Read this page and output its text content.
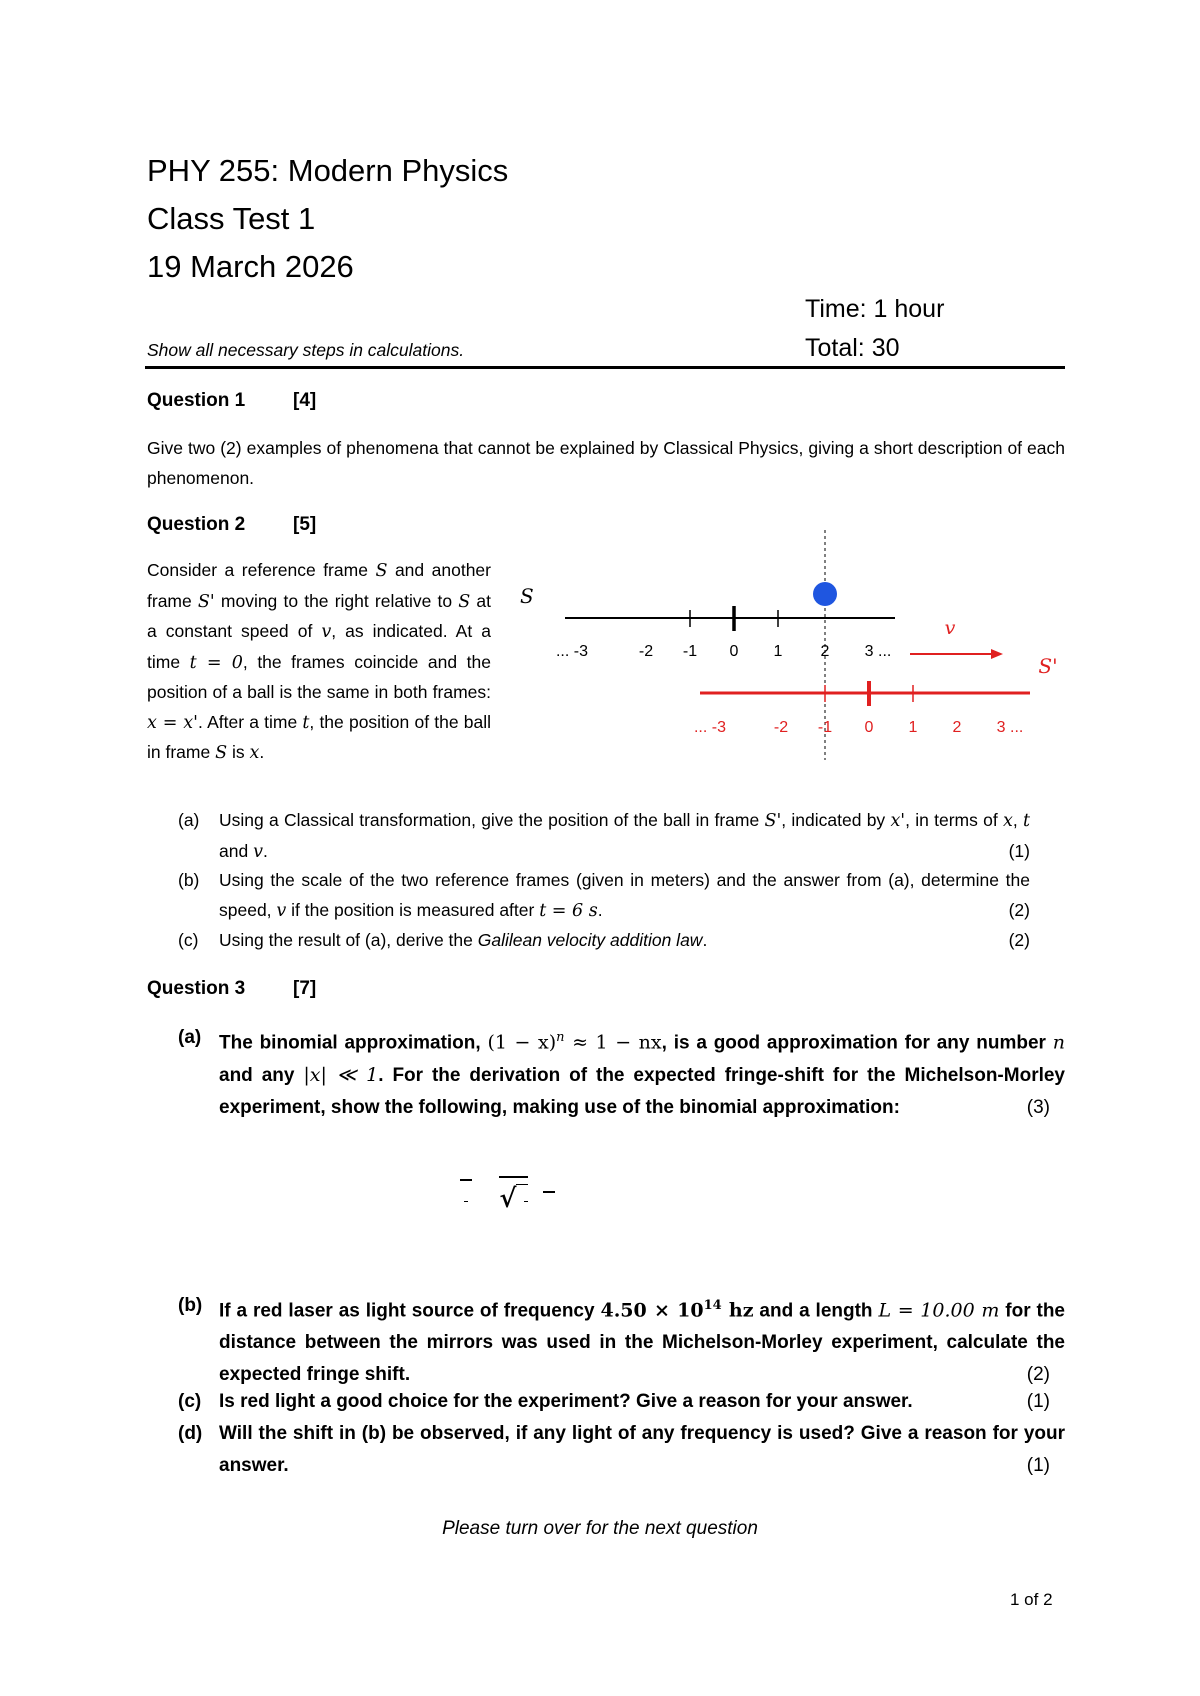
PHY 255: Modern Physics
Class Test 1
19 March 2026
Time: 1 hour
Total: 30
Show all necessary steps in calculations.
Question 1	[4]
Give two (2) examples of phenomena that cannot be explained by Classical Physics, giving a short description of each phenomenon.
Question 2	[5]
Consider a reference frame S and another frame S' moving to the right relative to S at a constant speed of v, as indicated. At a time t = 0, the frames coincide and the position of a ball is the same in both frames: x = x'. After a time t, the position of the ball in frame S is x.
S
... -3	-2 -1 0 1 2 3 ...
v
S'
... -3	-2 -1 0 1 2 3 ...
(a) Using a Classical transformation, give the position of the ball in frame S', indicated by x', in terms of x, t and v.	(1)
(b) Using the scale of the two reference frames (given in meters) and the answer from (a), determine the speed, v if the position is measured after t = 6 s.	(2)
(c) Using the result of (a), derive the Galilean velocity addition law.	(2)
Question 3	[7]
(a) The binomial approximation, $(1 - x)^n \approx 1$ − nx, is a good approximation for any number n and any |x| ≪ 1. For the derivation of the expected fringe-shift for the Michelson-Morley experiment, show the following, making use of the binomial approximation:	(3)

√

(b) If a red laser as light source of frequency $4.50 \times 10^{14}$ hz and a length L = 10.00 m for the distance between the mirrors was used in the Michelson-Morley experiment, calculate the expected fringe shift.	(2)
(c) Is red light a good choice for the experiment? Give a reason for your answer.	(1)
(d) Will the shift in (b) be observed, if any light of any frequency is used? Give a reason for your answer.	(1)
Please turn over for the next question
1 of 2
